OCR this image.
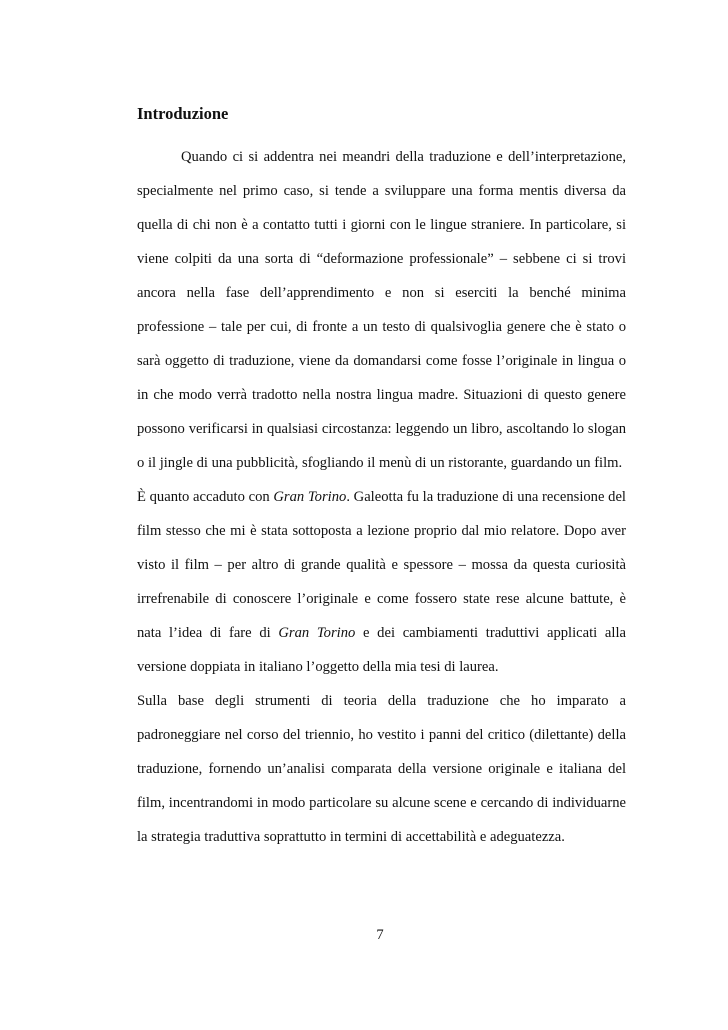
Introduzione

Quando ci si addentra nei meandri della traduzione e dell’interpretazione, specialmente nel primo caso, si tende a sviluppare una forma mentis diversa da quella di chi non è a contatto tutti i giorni con le lingue straniere. In particolare, si viene colpiti da una sorta di “deformazione professionale” – sebbene ci si trovi ancora nella fase dell’apprendimento e non si eserciti la benché minima professione – tale per cui, di fronte a un testo di qualsivoglia genere che è stato o sarà oggetto di traduzione, viene da domandarsi come fosse l’originale in lingua o in che modo verrà tradotto nella nostra lingua madre. Situazioni di questo genere possono verificarsi in qualsiasi circostanza: leggendo un libro, ascoltando lo slogan o il jingle di una pubblicità, sfogliando il menù di un ristorante, guardando un film.

È quanto accaduto con Gran Torino. Galeotta fu la traduzione di una recensione del film stesso che mi è stata sottoposta a lezione proprio dal mio relatore. Dopo aver visto il film – per altro di grande qualità e spessore – mossa da questa curiosità irrefrenabile di conoscere l’originale e come fossero state rese alcune battute, è nata l’idea di fare di Gran Torino e dei cambiamenti traduttivi applicati alla versione doppiata in italiano l’oggetto della mia tesi di laurea.

Sulla base degli strumenti di teoria della traduzione che ho imparato a padroneggiare nel corso del triennio, ho vestito i panni del critico (dilettante) della traduzione, fornendo un’analisi comparata della versione originale e italiana del film, incentrandomi in modo particolare su alcune scene e cercando di individuarne la strategia traduttiva soprattutto in termini di accettabilità e adeguatezza.

7
